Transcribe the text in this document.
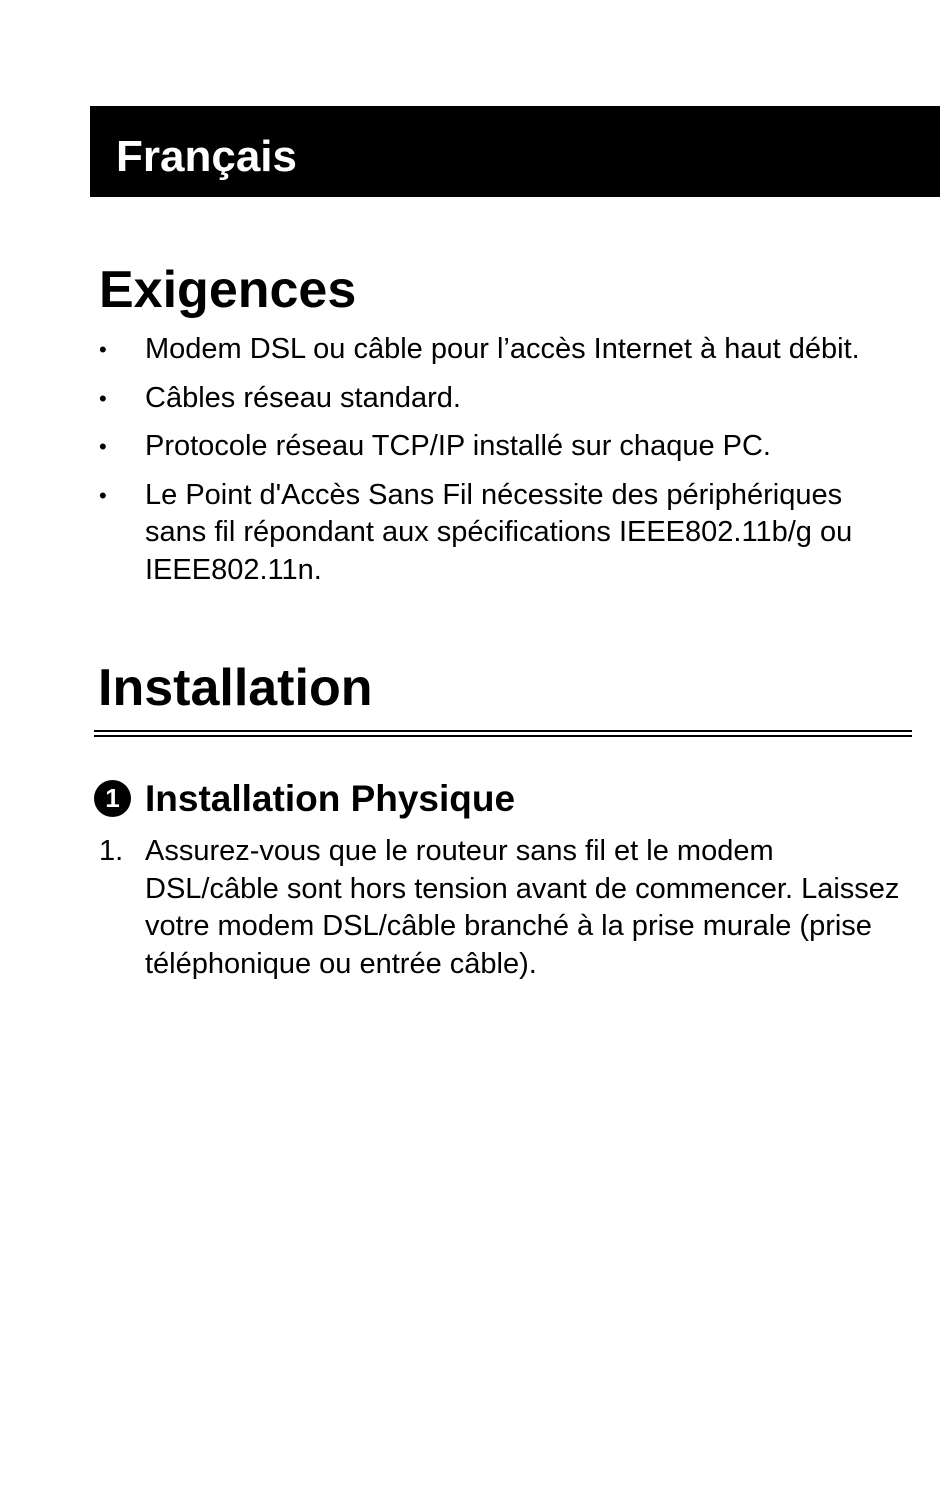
Français
Exigences
• Modem DSL ou câble pour l’accès Internet à haut débit.
• Câbles réseau standard.
• Protocole réseau TCP/IP installé sur chaque PC.
• Le Point d'Accès Sans Fil nécessite des périphériques sans fil répondant aux spécifications IEEE802.11b/g ou IEEE802.11n.
Installation
1 Installation Physique
1. Assurez-vous que le routeur sans fil et le modem DSL/câble sont hors tension avant de commencer. Laissez votre modem DSL/câble branché à la prise murale (prise téléphonique ou entrée câble).
